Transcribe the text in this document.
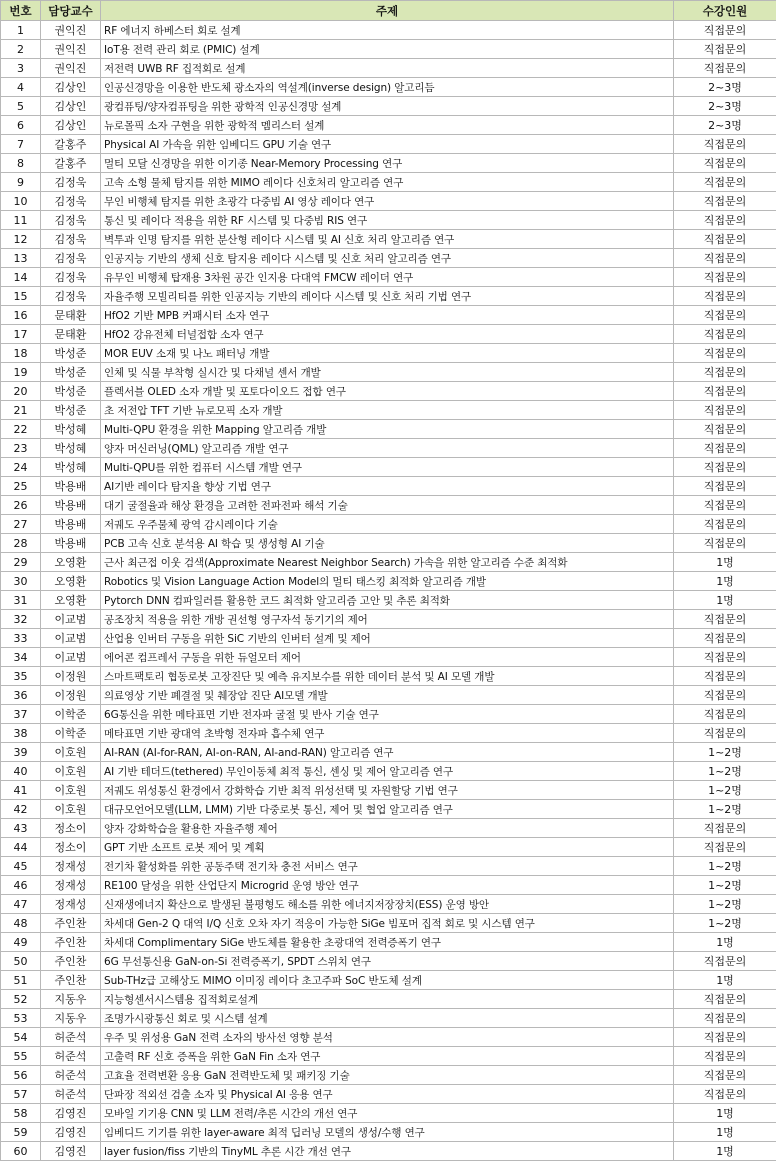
번호	담당교수	주제	수강인원
1	권익진	RF 에너지 하베스터 회로 설계	직접문의
2	권익진	IoT용 전력 관리 회로 (PMIC) 설계	직접문의
3	권익진	저전력 UWB RF 집적회로 설계	직접문의
4	김상인	인공신경망을 이용한 반도체 광소자의 역설계(inverse design) 알고리듬	2~3명
5	김상인	광컴퓨팅/양자컴퓨팅을 위한 광학적 인공신경망 설계	2~3명
6	김상인	뉴로몰픽 소자 구현을 위한 광학적 멤리스터 설계	2~3명
7	갈홍주	Physical AI 가속을 위한 임베디드 GPU 기술 연구	직접문의
8	갈홍주	멀티 모달 신경망을 위한 이기종 Near-Memory Processing 연구	직접문의
9	김정욱	고속 소형 물체 탐지를 위한 MIMO 레이다 신호처리 알고리즘 연구	직접문의
10	김정욱	무인 비행체 탐지를 위한 초광각 다중빔 AI 영상 레이다 연구	직접문의
11	김정욱	통신 및 레이다 적용을 위한 RF 시스템 및 다중빔 RIS 연구	직접문의
12	김정욱	벽투과 인명 탐지를 위한 분산형 레이다 시스템 및 AI 신호 처리 알고리즘 연구	직접문의
13	김정욱	인공지능 기반의 생체 신호 탐지용 레이다 시스템 및 신호 처리 알고리즘 연구	직접문의
14	김정욱	유무인 비행체 탑재용 3차원 공간 인지용 다대역 FMCW 레이더 연구	직접문의
15	김정욱	자율주행 모빌리티를 위한 인공지능 기반의 레이다 시스템 및 신호 처리 기법 연구	직접문의
16	문태환	HfO2 기반 MPB 커패시터 소자 연구	직접문의
17	문태환	HfO2 강유전체 터널접합 소자 연구	직접문의
18	박성준	MOR EUV 소재 및 나노 패터닝 개발	직접문의
19	박성준	인체 및 식물 부착형 실시간 및 다채널 센서 개발	직접문의
20	박성준	플렉서블 OLED 소자 개발 및 포토다이오드 접합 연구	직접문의
21	박성준	초 저전압 TFT 기반 뉴로모픽 소자 개발	직접문의
22	박성혜	Multi-QPU 환경을 위한 Mapping 알고리즘 개발	직접문의
23	박성혜	양자 머신러닝(QML) 알고리즘 개발 연구	직접문의
24	박성혜	Multi-QPU를 위한 컴퓨터 시스템 개발 연구	직접문의
25	박용배	AI기반 레이다 탐지율 향상 기법 연구	직접문의
26	박용배	대기 굴절율과 해상 환경을 고려한 전파전파 해석 기술	직접문의
27	박용배	저궤도 우주물체 광역 감시레이다 기술	직접문의
28	박용배	PCB 고속 신호 분석용 AI 학습 및 생성형 AI 기술	직접문의
29	오영환	근사 최근접 이웃 검색(Approximate Nearest Neighbor Search) 가속을 위한 알고리즘 수준 최적화	1명
30	오영환	Robotics 및 Vision Language Action Model의 멀티 태스킹 최적화 알고리즘 개발	1명
31	오영환	Pytorch DNN 컴파일러를 활용한 코드 최적화 알고리즘 고안 및 추론 최적화	1명
32	이교범	공조장치 적용을 위한 개방 권선형 영구자석 동기기의 제어	직접문의
33	이교범	산업용 인버터 구동을 위한 SiC 기반의 인버터 설계 및 제어	직접문의
34	이교범	에어콘 컴프레서 구동을 위한 듀얼모터 제어	직접문의
35	이정원	스마트팩토리 협동로봇 고장진단 및 예측 유지보수를 위한 데이터 분석 및 AI 모델 개발	직접문의
36	이정원	의료영상 기반 폐결절 및 췌장암 진단 AI모델 개발	직접문의
37	이학준	6G통신을 위한 메타표면 기반 전자파 굴절 및 반사 기술 연구	직접문의
38	이학준	메타표면 기반 광대역 초박형 전자파 흡수체 연구	직접문의
39	이호원	AI-RAN (AI-for-RAN, AI-on-RAN, AI-and-RAN) 알고리즘 연구	1~2명
40	이호원	AI 기반 테더드(tethered) 무인이동체 최적 통신, 센싱 및 제어 알고리즘 연구	1~2명
41	이호원	저궤도 위성통신 환경에서 강화학습 기반 최적 위성선택 및 자원할당 기법 연구	1~2명
42	이호원	대규모언어모델(LLM, LMM) 기반 다중로봇 통신, 제어 및 협업 알고리즘 연구	1~2명
43	정소이	양자 강화학습을 활용한 자율주행 제어	직접문의
44	정소이	GPT 기반 소프트 로봇 제어 및 계획	직접문의
45	정재성	전기차 활성화를 위한 공동주택 전기차 충전 서비스 연구	1~2명
46	정재성	RE100 달성을 위한 산업단지 Microgrid 운영 방안 연구	1~2명
47	정재성	신재생에너지 확산으로 발생된 불평형도 해소를 위한 에너지저장장치(ESS) 운영 방안	1~2명
48	주인찬	차세대 Gen-2 Q 대역 I/Q 신호 오차 자기 적응이 가능한 SiGe 빔포머 집적 회로 및 시스템 연구	1~2명
49	주인찬	차세대 Complimentary SiGe 반도체를 활용한 초광대역 전력증폭기 연구	1명
50	주인찬	6G 무선통신용 GaN-on-Si 전력증폭기, SPDT 스위치 연구	직접문의
51	주인찬	Sub-THz급 고해상도 MIMO 이미징 레이다 초고주파 SoC 반도체 설계	1명
52	지동우	지능형센서시스템용 집적회로설계	직접문의
53	지동우	조명가시광통신 회로 및 시스템 설계	직접문의
54	허준석	우주 및 위성용 GaN 전력 소자의 방사선 영향 분석	직접문의
55	허준석	고출력 RF 신호 증폭을 위한 GaN Fin 소자 연구	직접문의
56	허준석	고효율 전력변환 응용 GaN 전력반도체 및 패키징 기술	직접문의
57	허준석	단파장 적외선 검출 소자 및 Physical AI 응용 연구	직접문의
58	김영진	모바일 기기용 CNN 및 LLM 전력/추론 시간의 개선 연구	1명
59	김영진	임베디드 기기를 위한 layer-aware 최적 딥러닝 모델의 생성/수행 연구	1명
60	김영진	layer fusion/fiss 기반의 TinyML 추론 시간 개선 연구	1명
